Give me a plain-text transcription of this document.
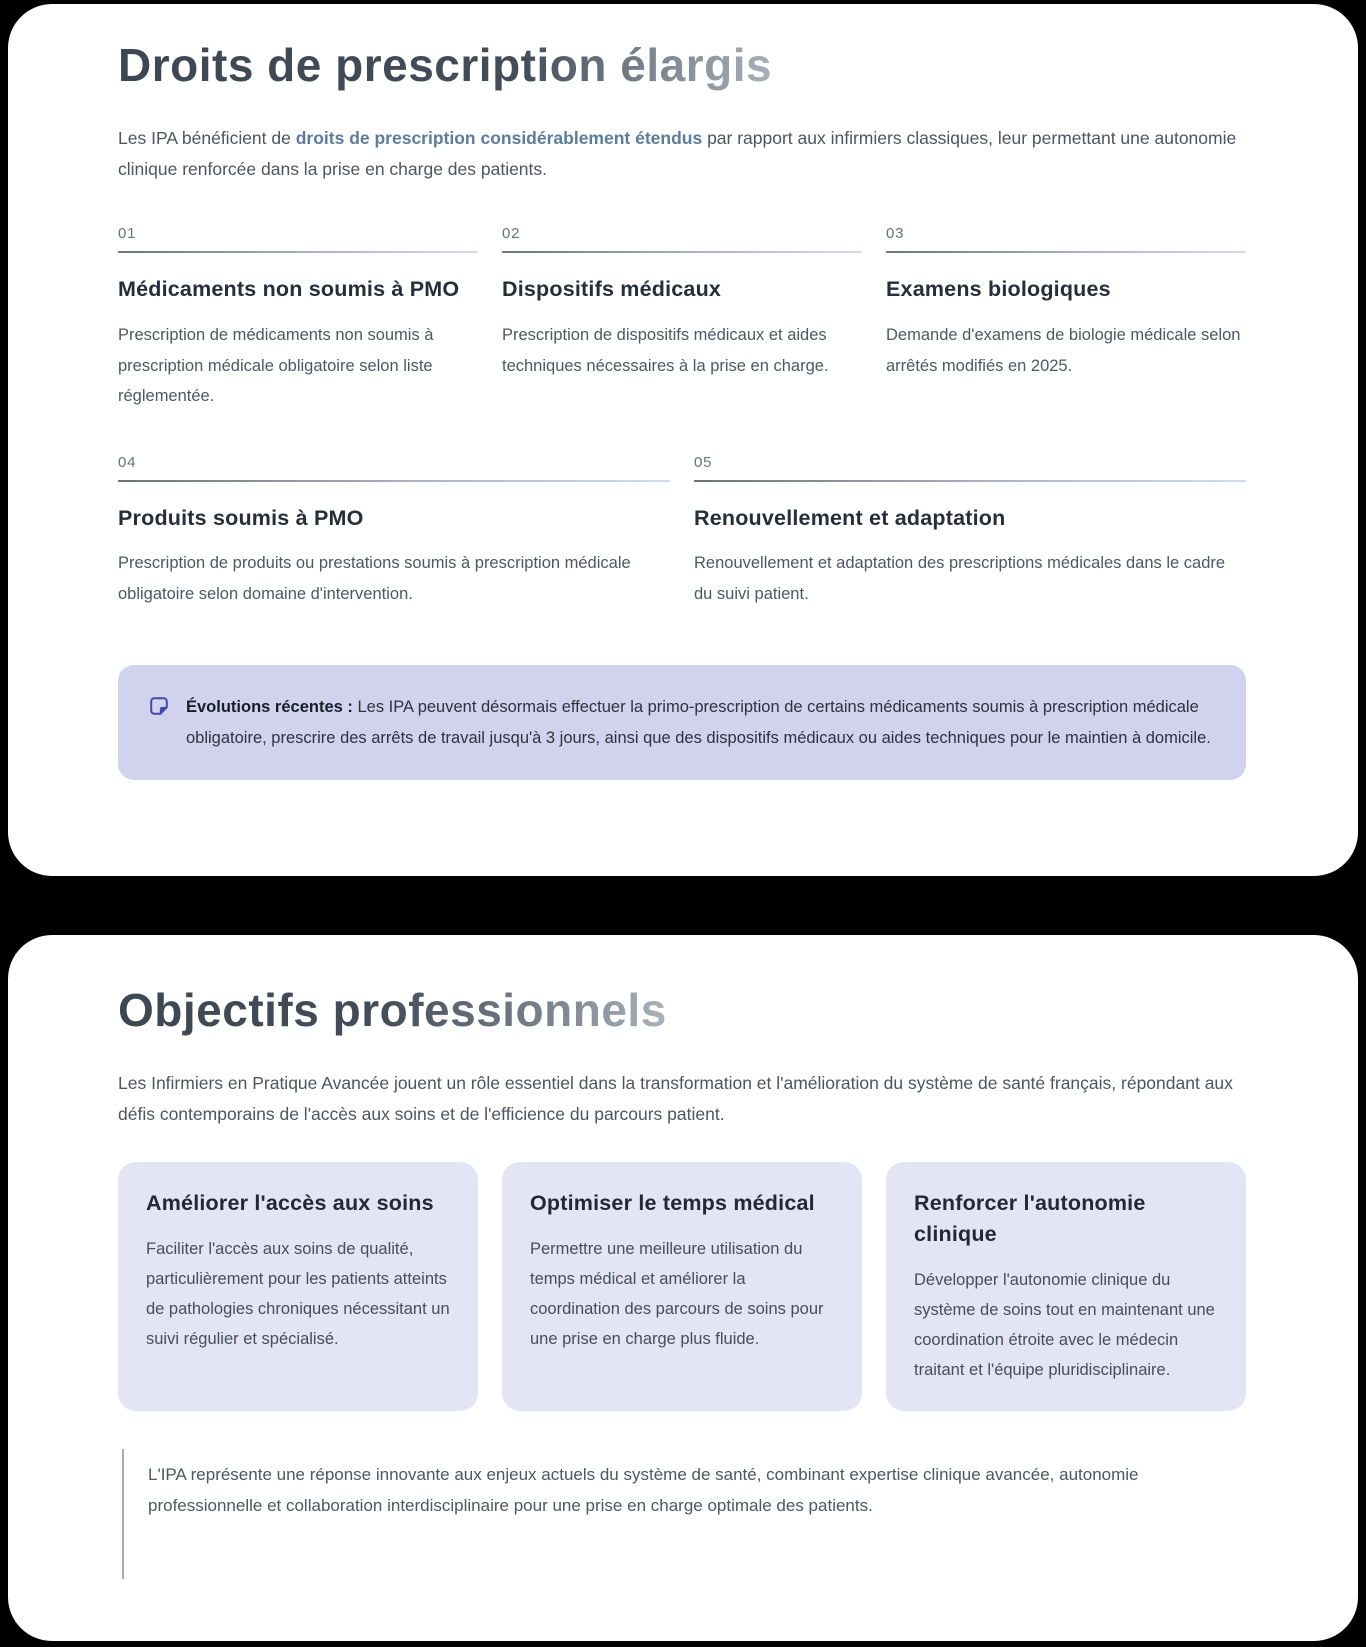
Droits de prescription élargis

Les IPA bénéficient de droits de prescription considérablement étendus par rapport aux infirmiers classiques, leur permettant une autonomie clinique renforcée dans la prise en charge des patients.

01
Médicaments non soumis à PMO

Prescription de médicaments non soumis à prescription médicale obligatoire selon liste réglementée.

02
Dispositifs médicaux

Prescription de dispositifs médicaux et aides techniques nécessaires à la prise en charge.

03
Examens biologiques

Demande d'examens de biologie médicale selon arrêtés modifiés en 2025.

04
Produits soumis à PMO

Prescription de produits ou prestations soumis à prescription médicale obligatoire selon domaine d'intervention.

05
Renouvellement et adaptation

Renouvellement et adaptation des prescriptions médicales dans le cadre du suivi patient.

Évolutions récentes : Les IPA peuvent désormais effectuer la primo-prescription de certains médicaments soumis à prescription médicale obligatoire, prescrire des arrêts de travail jusqu'à 3 jours, ainsi que des dispositifs médicaux ou aides techniques pour le maintien à domicile.

Objectifs professionnels

Les Infirmiers en Pratique Avancée jouent un rôle essentiel dans la transformation et l'amélioration du système de santé français, répondant aux défis contemporains de l'accès aux soins et de l'efficience du parcours patient.

Améliorer l'accès aux soins

Faciliter l'accès aux soins de qualité, particulièrement pour les patients atteints de pathologies chroniques nécessitant un suivi régulier et spécialisé.

Optimiser le temps médical

Permettre une meilleure utilisation du temps médical et améliorer la coordination des parcours de soins pour une prise en charge plus fluide.

Renforcer l'autonomie clinique

Développer l'autonomie clinique du système de soins tout en maintenant une coordination étroite avec le médecin traitant et l'équipe pluridisciplinaire.

L'IPA représente une réponse innovante aux enjeux actuels du système de santé, combinant expertise clinique avancée, autonomie professionnelle et collaboration interdisciplinaire pour une prise en charge optimale des patients.
